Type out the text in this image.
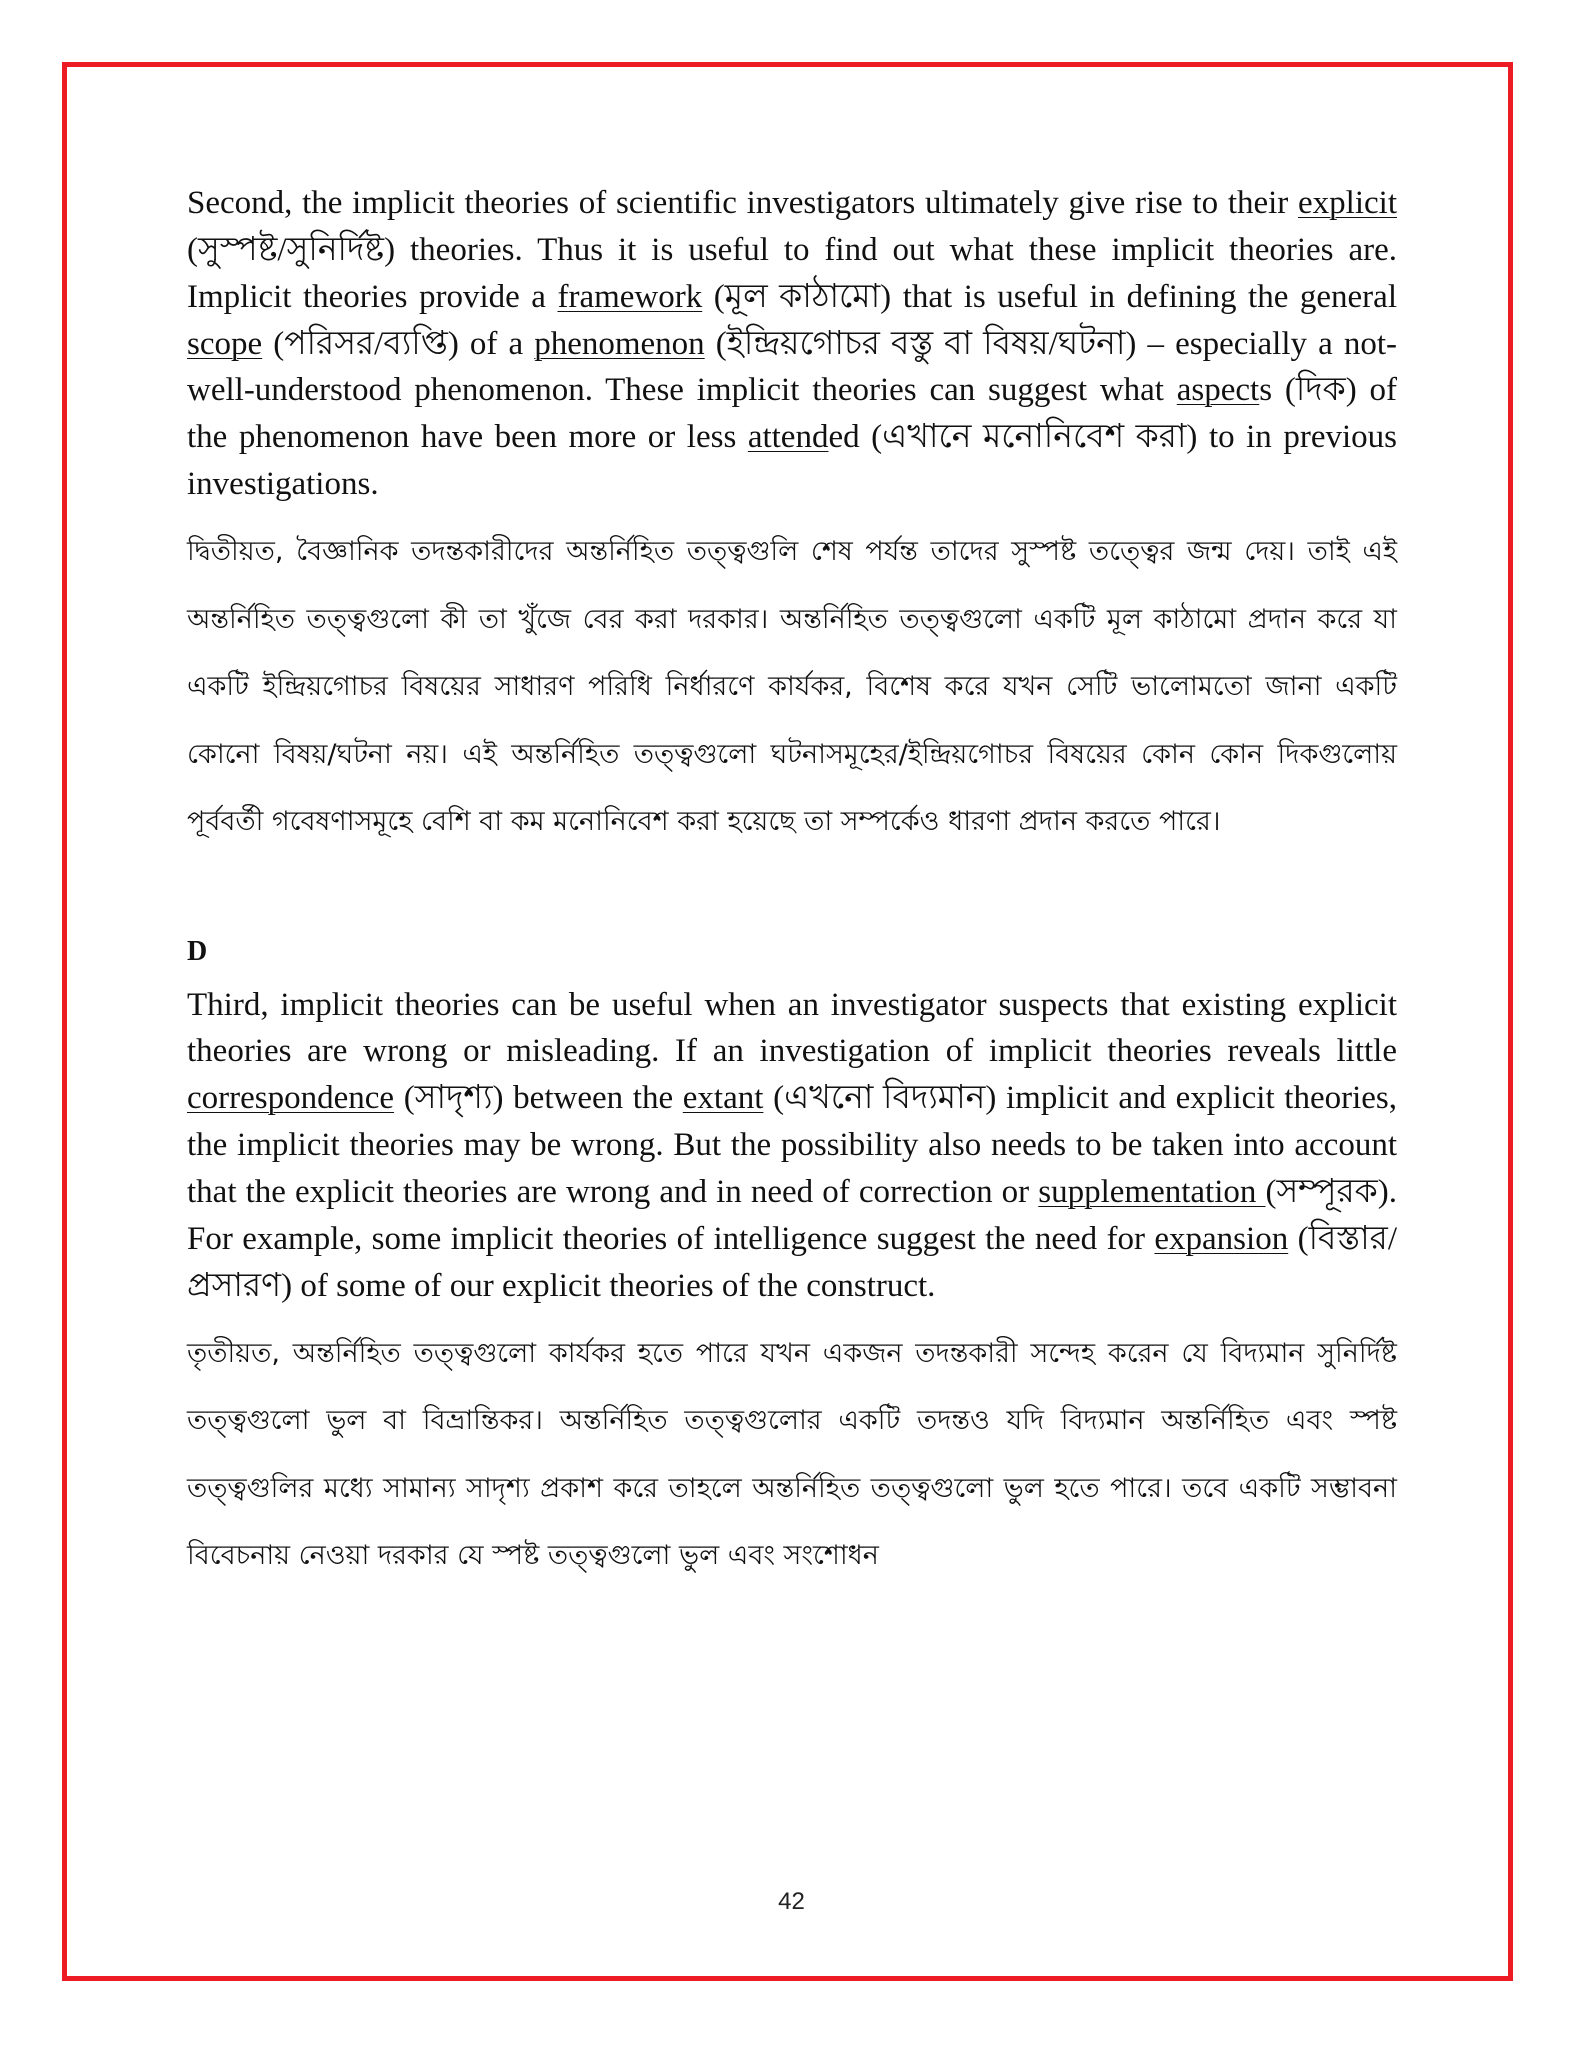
Second, the implicit theories of scientific investigators ultimately give rise to their explicit (সুস্পষ্ট/সুনির্দিষ্ট) theories. Thus it is useful to find out what these implicit theories are. Implicit theories provide a framework (মূল কাঠামো) that is useful in defining the general scope (পরিসর/ব্যপ্তি) of a phenomenon (ইন্দ্রিয়গোচর বস্তু বা বিষয়/ঘটনা) – especially a not-well-understood phenomenon. These implicit theories can suggest what aspects (দিক) of the phenomenon have been more or less attended (এখানে মনোনিবেশ করা) to in previous investigations.

দ্বিতীয়ত, বৈজ্ঞানিক তদন্তকারীদের অন্তর্নিহিত তত্ত্বগুলি শেষ পর্যন্ত তাদের সুস্পষ্ট তত্ত্বের জন্ম দেয়। তাই এই অন্তর্নিহিত তত্ত্বগুলো কী তা খুঁজে বের করা দরকার। অন্তর্নিহিত তত্ত্বগুলো একটি মূল কাঠামো প্রদান করে যা একটি ইন্দ্রিয়গোচর বিষয়ের সাধারণ পরিধি নির্ধারণে কার্যকর, বিশেষ করে যখন সেটি ভালোমতো জানা একটি কোনো বিষয়/ঘটনা নয়। এই অন্তর্নিহিত তত্ত্বগুলো ঘটনাসমূহের/ইন্দ্রিয়গোচর বিষয়ের কোন কোন দিকগুলোয় পূর্ববর্তী গবেষণাসমূহে বেশি বা কম মনোনিবেশ করা হয়েছে তা সম্পর্কেও ধারণা প্রদান করতে পারে।

D

Third, implicit theories can be useful when an investigator suspects that existing explicit theories are wrong or misleading. If an investigation of implicit theories reveals little correspondence (সাদৃশ্য) between the extant (এখনো বিদ্যমান) implicit and explicit theories, the implicit theories may be wrong. But the possibility also needs to be taken into account that the explicit theories are wrong and in need of correction or supplementation (সম্পূরক). For example, some implicit theories of intelligence suggest the need for expansion (বিস্তার/প্রসারণ) of some of our explicit theories of the construct.

তৃতীয়ত, অন্তর্নিহিত তত্ত্বগুলো কার্যকর হতে পারে যখন একজন তদন্তকারী সন্দেহ করেন যে বিদ্যমান সুনির্দিষ্ট তত্ত্বগুলো ভুল বা বিভ্রান্তিকর। অন্তর্নিহিত তত্ত্বগুলোর একটি তদন্তও যদি বিদ্যমান অন্তর্নিহিত এবং স্পষ্ট তত্ত্বগুলির মধ্যে সামান্য সাদৃশ্য প্রকাশ করে তাহলে অন্তর্নিহিত তত্ত্বগুলো ভুল হতে পারে। তবে একটি সম্ভাবনা বিবেচনায় নেওয়া দরকার যে স্পষ্ট তত্ত্বগুলো ভুল এবং সংশোধন

42
